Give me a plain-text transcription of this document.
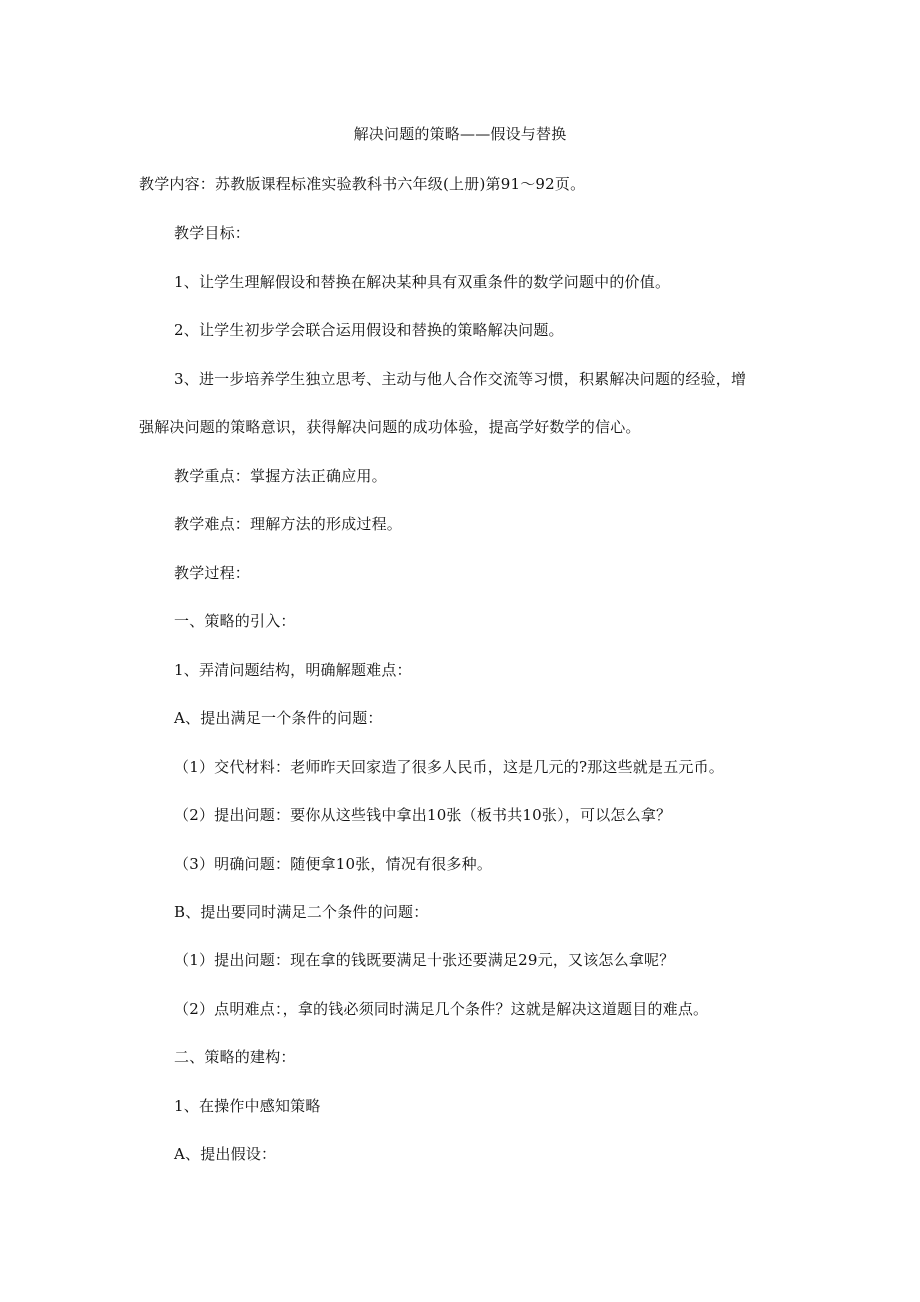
解决问题的策略——假设与替换
教学内容：苏教版课程标准实验教科书六年级(上册)第91～92页。
教学目标：
1、让学生理解假设和替换在解决某种具有双重条件的数学问题中的价值。
2、让学生初步学会联合运用假设和替换的策略解决问题。
3、进一步培养学生独立思考、主动与他人合作交流等习惯，积累解决问题的经验，增
强解决问题的策略意识，获得解决问题的成功体验，提高学好数学的信心。
教学重点：掌握方法正确应用。
教学难点：理解方法的形成过程。
教学过程：
一、策略的引入：
1、弄清问题结构，明确解题难点：
A、提出满足一个条件的问题：
（1）交代材料：老师昨天回家造了很多人民币，这是几元的?那这些就是五元币。
（2）提出问题：要你从这些钱中拿出10张（板书共10张），可以怎么拿？
（3）明确问题：随便拿10张，情况有很多种。
B、提出要同时满足二个条件的问题：
（1）提出问题：现在拿的钱既要满足十张还要满足29元，又该怎么拿呢？
（2）点明难点：，拿的钱必须同时满足几个条件？这就是解决这道题目的难点。
二、策略的建构：
1、在操作中感知策略
A、提出假设：
